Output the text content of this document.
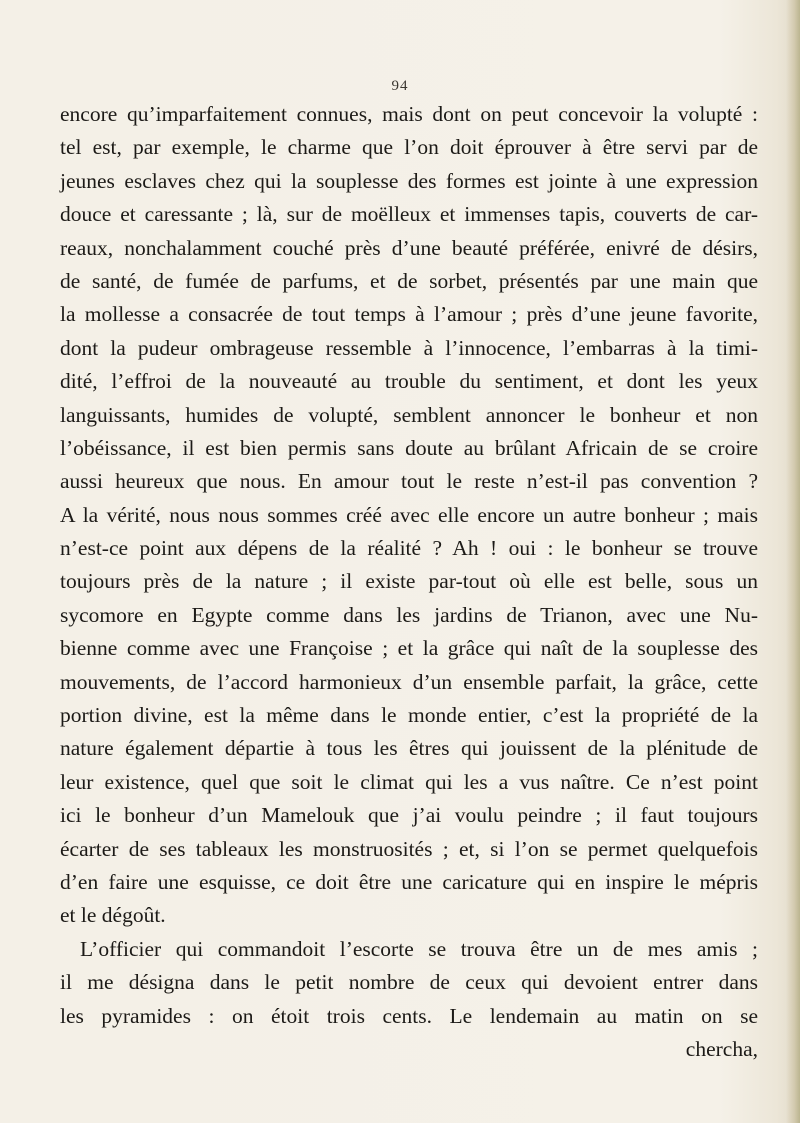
94
encore qu’imparfaitement connues, mais dont on peut concevoir la volupté :
tel est, par exemple, le charme que l’on doit éprouver à être servi par de
jeunes esclaves chez qui la souplesse des formes est jointe à une expression
douce et caressante ; là, sur de moëlleux et immenses tapis, couverts de car-
reaux, nonchalamment couché près d’une beauté préférée, enivré de désirs,
de santé, de fumée de parfums, et de sorbet, présentés par une main que
la mollesse a consacrée de tout temps à l’amour ; près d’une jeune favorite,
dont la pudeur ombrageuse ressemble à l’innocence, l’embarras à la timi-
dité, l’effroi de la nouveauté au trouble du sentiment, et dont les yeux
languissants, humides de volupté, semblent annoncer le bonheur et non
l’obéissance, il est bien permis sans doute au brûlant Africain de se croire
aussi heureux que nous. En amour tout le reste n’est-il pas convention ?
A la vérité, nous nous sommes créé avec elle encore un autre bonheur ; mais
n’est-ce point aux dépens de la réalité ? Ah ! oui : le bonheur se trouve
toujours près de la nature ; il existe par-tout où elle est belle, sous un
sycomore en Egypte comme dans les jardins de Trianon, avec une Nu-
bienne comme avec une Françoise ; et la grâce qui naît de la souplesse des
mouvements, de l’accord harmonieux d’un ensemble parfait, la grâce, cette
portion divine, est la même dans le monde entier, c’est la propriété de la
nature également départie à tous les êtres qui jouissent de la plénitude de
leur existence, quel que soit le climat qui les a vus naître. Ce n’est point
ici le bonheur d’un Mamelouk que j’ai voulu peindre ; il faut toujours
écarter de ses tableaux les monstruosités ; et, si l’on se permet quelquefois
d’en faire une esquisse, ce doit être une caricature qui en inspire le mépris
et le dégoût.
L’officier qui commandoit l’escorte se trouva être un de mes amis ;
il me désigna dans le petit nombre de ceux qui devoient entrer dans
les pyramides : on étoit trois cents. Le lendemain au matin on se
chercha,
